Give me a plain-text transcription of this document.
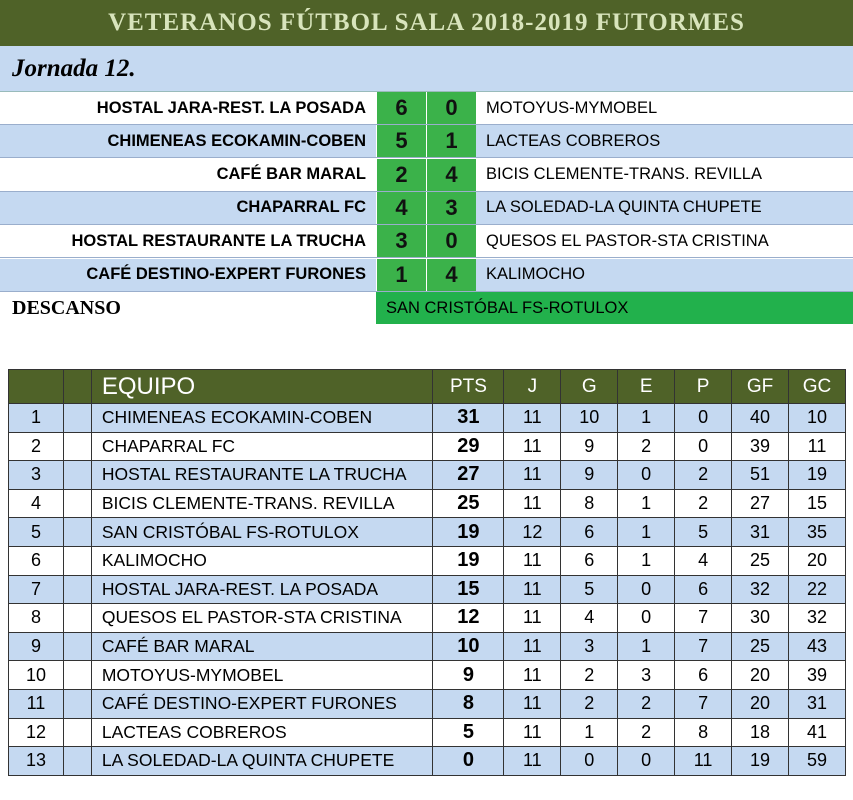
VETERANOS FÚTBOL SALA 2018-2019 FUTORMES
Jornada 12.
HOSTAL JARA-REST. LA POSADA	6	0	MOTOYUS-MYMOBEL
CHIMENEAS ECOKAMIN-COBEN	5	1	LACTEAS COBREROS
CAFÉ BAR MARAL	2	4	BICIS CLEMENTE-TRANS. REVILLA
CHAPARRAL FC	4	3	LA SOLEDAD-LA QUINTA CHUPETE
HOSTAL RESTAURANTE LA TRUCHA	3	0	QUESOS EL PASTOR-STA CRISTINA
CAFÉ DESTINO-EXPERT FURONES	1	4	KALIMOCHO
DESCANSO	SAN CRISTÓBAL FS-ROTULOX
		EQUIPO	PTS	J	G	E	P	GF	GC
1		CHIMENEAS ECOKAMIN-COBEN	31	11	10	1	0	40	10
2		CHAPARRAL FC	29	11	9	2	0	39	11
3		HOSTAL RESTAURANTE LA TRUCHA	27	11	9	0	2	51	19
4		BICIS CLEMENTE-TRANS. REVILLA	25	11	8	1	2	27	15
5		SAN CRISTÓBAL FS-ROTULOX	19	12	6	1	5	31	35
6		KALIMOCHO	19	11	6	1	4	25	20
7		HOSTAL JARA-REST. LA POSADA	15	11	5	0	6	32	22
8		QUESOS EL PASTOR-STA CRISTINA	12	11	4	0	7	30	32
9		CAFÉ BAR MARAL	10	11	3	1	7	25	43
10		MOTOYUS-MYMOBEL	9	11	2	3	6	20	39
11		CAFÉ DESTINO-EXPERT FURONES	8	11	2	2	7	20	31
12		LACTEAS COBREROS	5	11	1	2	8	18	41
13		LA SOLEDAD-LA QUINTA CHUPETE	0	11	0	0	11	19	59
